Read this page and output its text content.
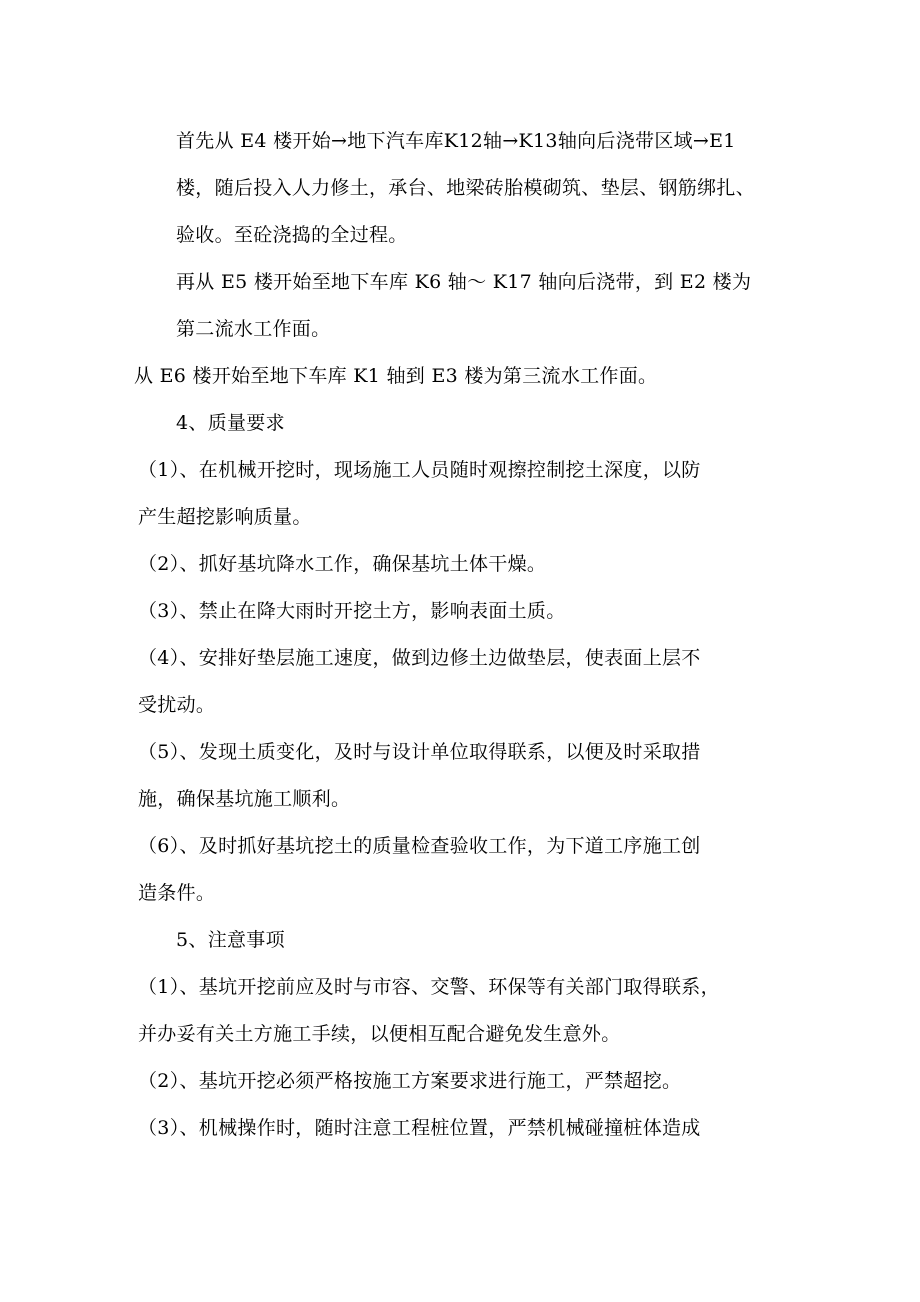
首先从 E4 楼开始→地下汽车库K12轴→K13轴向后浇带区域→E1
楼，随后投入人力修土，承台、地梁砖胎模砌筑、垫层、钢筋绑扎、
验收。至砼浇捣的全过程。

再从 E5 楼开始至地下车库 K6 轴～ K17 轴向后浇带，到 E2 楼为
第二流水工作面。

从 E6 楼开始至地下车库 K1 轴到 E3 楼为第三流水工作面。

4、质量要求

（1）、在机械开挖时，现场施工人员随时观擦控制挖土深度，以防
产生超挖影响质量。

（2）、抓好基坑降水工作，确保基坑土体干燥。

（3）、禁止在降大雨时开挖土方，影响表面土质。

（4）、安排好垫层施工速度，做到边修土边做垫层，使表面上层不
受扰动。

（5）、发现土质变化，及时与设计单位取得联系，以便及时采取措
施，确保基坑施工顺利。

（6）、及时抓好基坑挖土的质量检查验收工作，为下道工序施工创
造条件。

5、注意事项

（1）、基坑开挖前应及时与市容、交警、环保等有关部门取得联系，
并办妥有关土方施工手续，以便相互配合避免发生意外。

（2）、基坑开挖必须严格按施工方案要求进行施工，严禁超挖。

（3）、机械操作时，随时注意工程桩位置，严禁机械碰撞桩体造成
